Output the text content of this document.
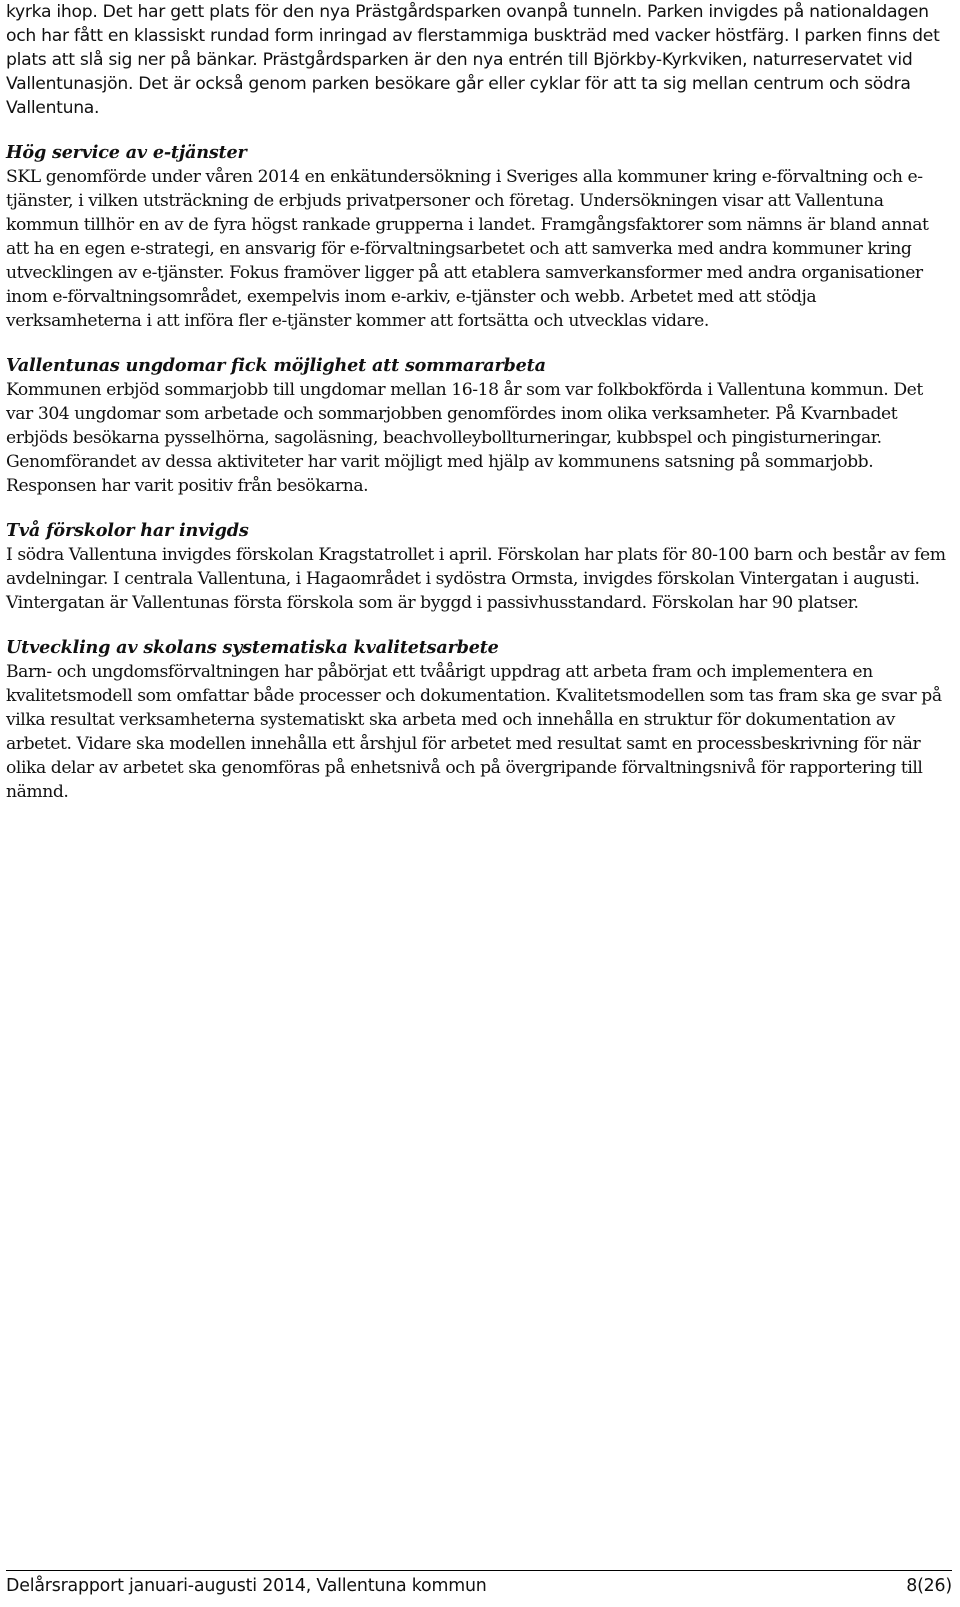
kyrka ihop. Det har gett plats för den nya Prästgårdsparken ovanpå tunneln. Parken invigdes på nationaldagen och har fått en klassiskt rundad form inringad av flerstammiga buskträd med vacker höstfärg. I parken finns det plats att slå sig ner på bänkar. Prästgårdsparken är den nya entrén till Björkby-Kyrkviken, naturreservatet vid Vallentunasjön. Det är också genom parken besökare går eller cyklar för att ta sig mellan centrum och södra Vallentuna.

Hög service av e-tjänster

SKL genomförde under våren 2014 en enkätundersökning i Sveriges alla kommuner kring e-förvaltning och e-tjänster, i vilken utsträckning de erbjuds privatpersoner och företag. Undersökningen visar att Vallentuna kommun tillhör en av de fyra högst rankade grupperna i landet. Framgångsfaktorer som nämns är bland annat att ha en egen e-strategi, en ansvarig för e-förvaltningsarbetet och att samverka med andra kommuner kring utvecklingen av e-tjänster. Fokus framöver ligger på att etablera samverkansformer med andra organisationer inom e-förvaltningsområdet, exempelvis inom e-arkiv, e-tjänster och webb. Arbetet med att stödja verksamheterna i att införa fler e-tjänster kommer att fortsätta och utvecklas vidare.

Vallentunas ungdomar fick möjlighet att sommararbeta

Kommunen erbjöd sommarjobb till ungdomar mellan 16-18 år som var folkbokförda i Vallentuna kommun. Det var 304 ungdomar som arbetade och sommarjobben genomfördes inom olika verksamheter. På Kvarnbadet erbjöds besökarna pysselhörna, sagoläsning, beachvolleybollturneringar, kubbspel och pingisturneringar. Genomförandet av dessa aktiviteter har varit möjligt med hjälp av kommunens satsning på sommarjobb. Responsen har varit positiv från besökarna.

Två förskolor har invigds

I södra Vallentuna invigdes förskolan Kragstatrollet i april. Förskolan har plats för 80-100 barn och består av fem avdelningar. I centrala Vallentuna, i Hagaområdet i sydöstra Ormsta, invigdes förskolan Vintergatan i augusti. Vintergatan är Vallentunas första förskola som är byggd i passivhusstandard. Förskolan har 90 platser.

Utveckling av skolans systematiska kvalitetsarbete

Barn- och ungdomsförvaltningen har påbörjat ett tvåårigt uppdrag att arbeta fram och implementera en kvalitetsmodell som omfattar både processer och dokumentation. Kvalitetsmodellen som tas fram ska ge svar på vilka resultat verksamheterna systematiskt ska arbeta med och innehålla en struktur för dokumentation av arbetet. Vidare ska modellen innehålla ett årshjul för arbetet med resultat samt en processbeskrivning för när olika delar av arbetet ska genomföras på enhetsnivå och på övergripande förvaltningsnivå för rapportering till nämnd.

Delårsrapport januari-augusti 2014, Vallentuna kommun	8(26)
